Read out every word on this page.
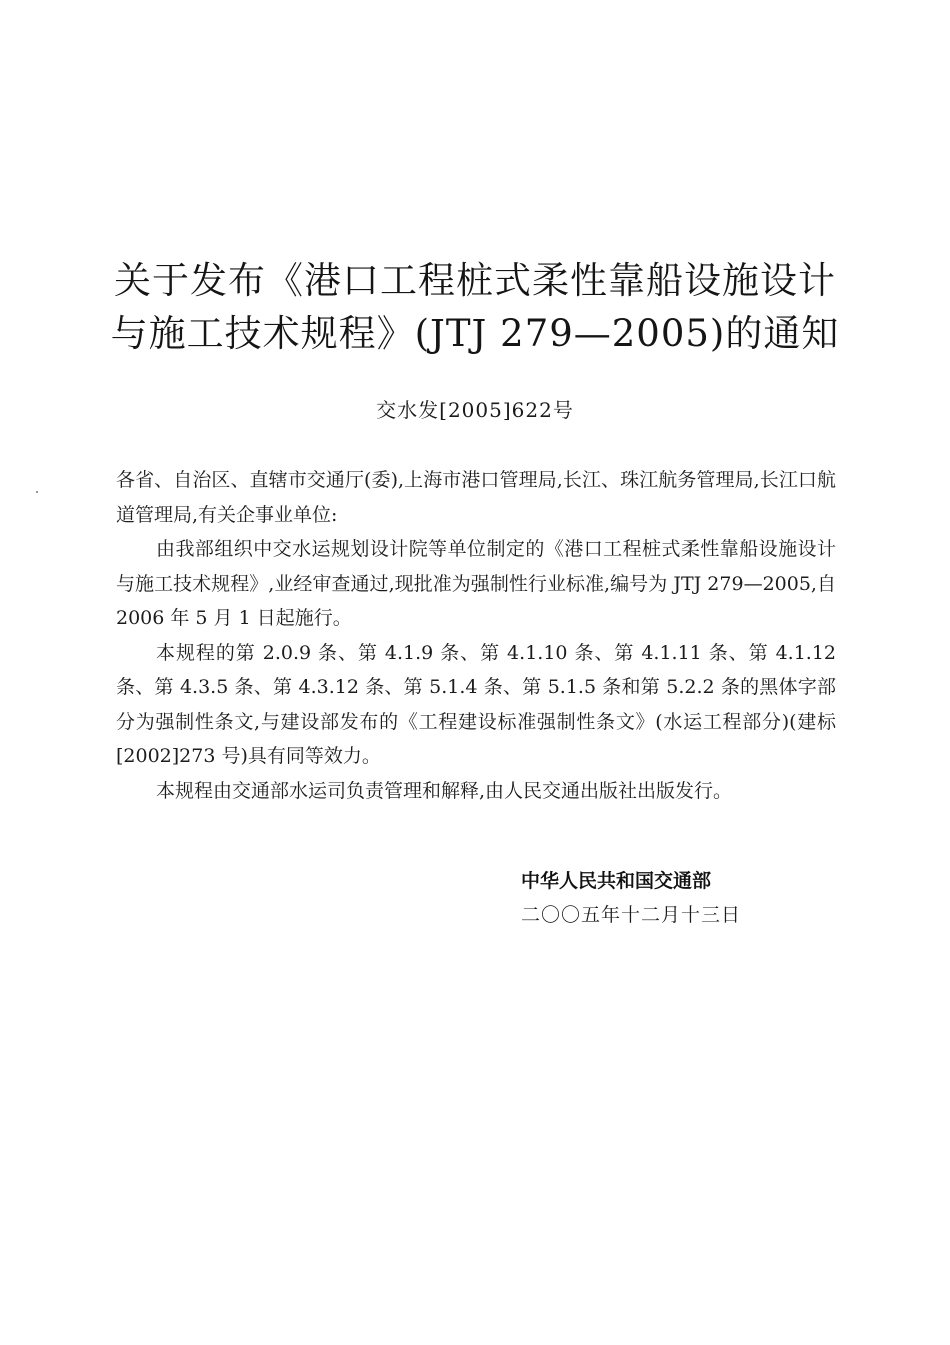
关于发布《港口工程桩式柔性靠船设施设计
与施工技术规程》(JTJ 279—2005)的通知
交水发[2005]622号

各省、自治区、直辖市交通厅(委),上海市港口管理局,长江、珠江航务管理局,长江口航道管理局,有关企事业单位:

由我部组织中交水运规划设计院等单位制定的《港口工程桩式柔性靠船设施设计与施工技术规程》,业经审查通过,现批准为强制性行业标准,编号为 JTJ 279—2005,自 2006 年 5 月 1 日起施行。

本规程的第 2.0.9 条、第 4.1.9 条、第 4.1.10 条、第 4.1.11 条、第 4.1.12 条、第 4.3.5 条、第 4.3.12 条、第 5.1.4 条、第 5.1.5 条和第 5.2.2 条的黑体字部分为强制性条文,与建设部发布的《工程建设标准强制性条文》(水运工程部分)(建标[2002]273 号)具有同等效力。

本规程由交通部水运司负责管理和解释,由人民交通出版社出版发行。

中华人民共和国交通部
二〇〇五年十二月十三日
